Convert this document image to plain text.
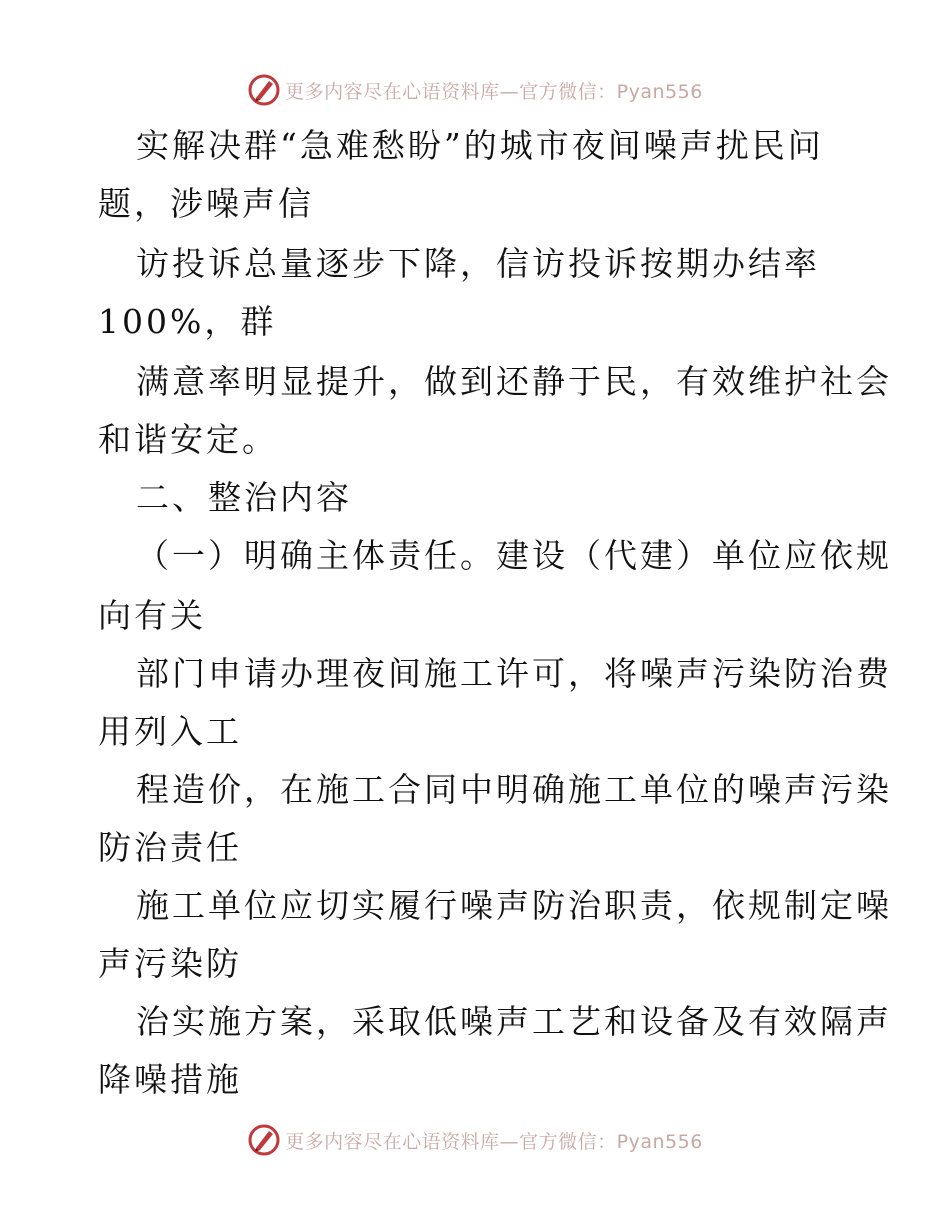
更多内容尽在心语资料库—官方微信：Pyan556
实解决群“急难愁盼”的城市夜间噪声扰民问
题，涉噪声信
访投诉总量逐步下降，信访投诉按期办结率
100%，群
满意率明显提升，做到还静于民，有效维护社会
和谐安定。
二、整治内容
（一）明确主体责任。建设（代建）单位应依规
向有关
部门申请办理夜间施工许可，将噪声污染防治费
用列入工
程造价，在施工合同中明确施工单位的噪声污染
防治责任
施工单位应切实履行噪声防治职责，依规制定噪
声污染防
治实施方案，采取低噪声工艺和设备及有效隔声
降噪措施
更多内容尽在心语资料库—官方微信：Pyan556
